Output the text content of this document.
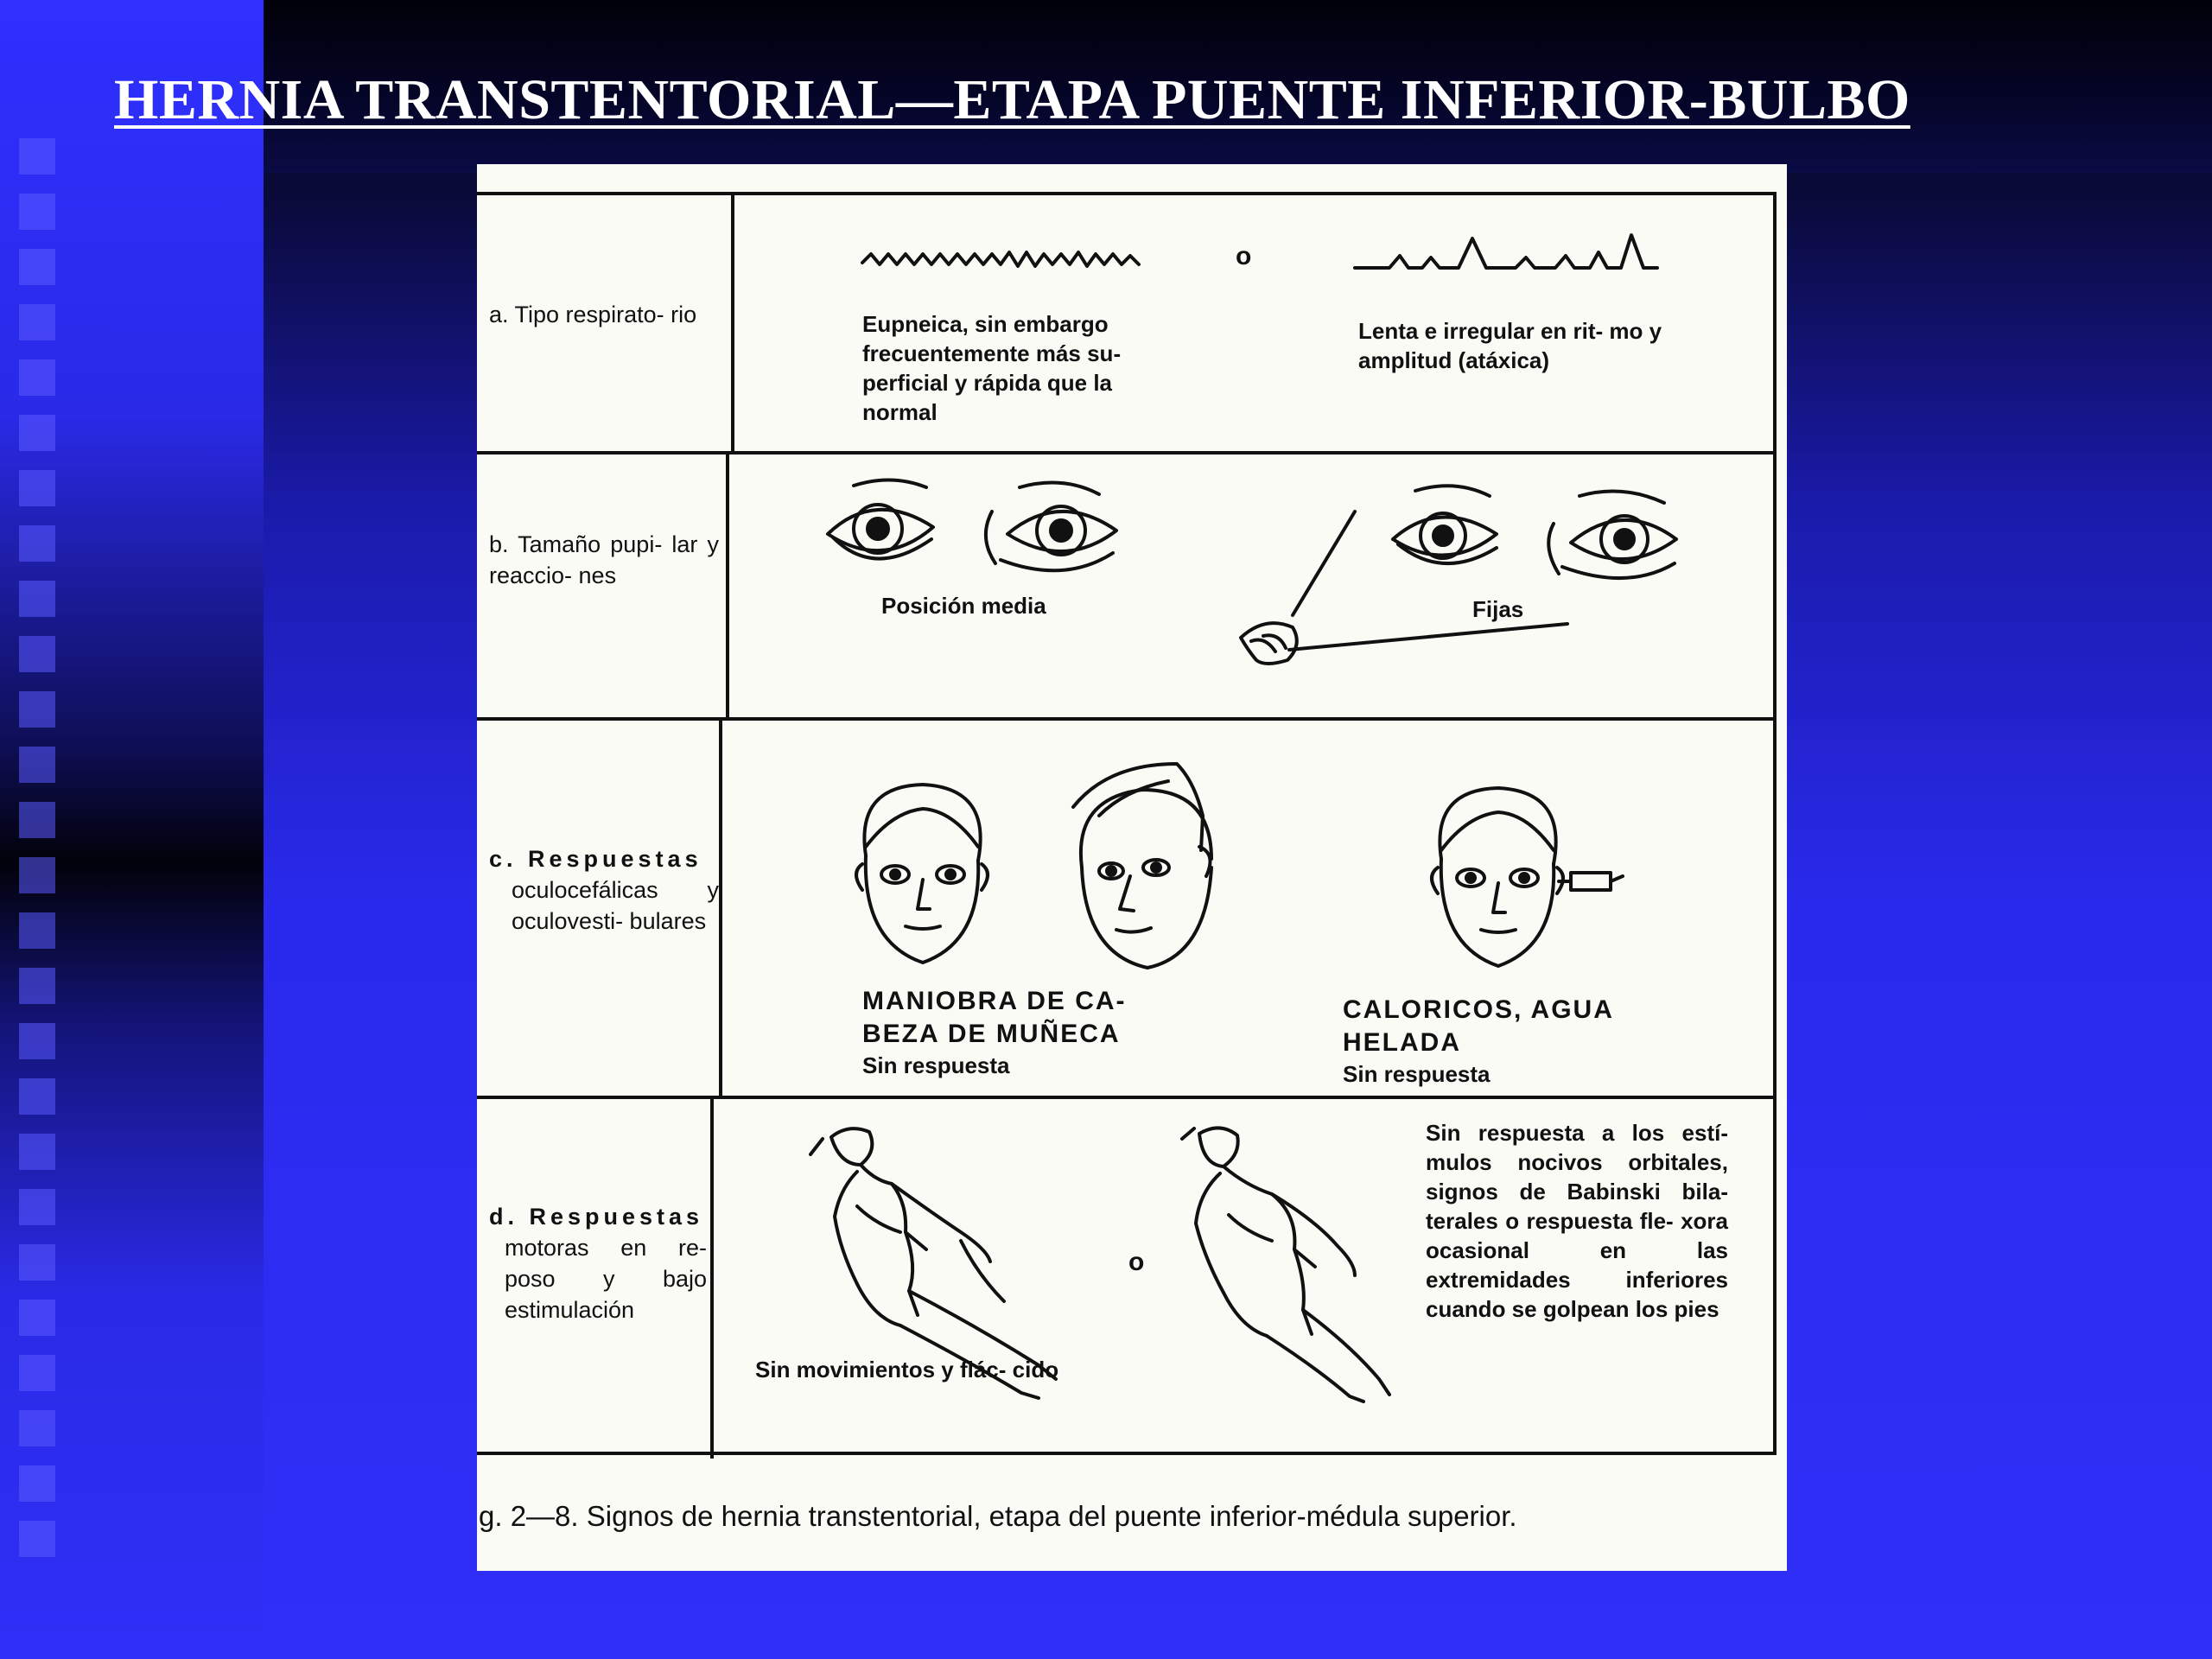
HERNIA TRANSTENTORIAL—ETAPA PUENTE INFERIOR-BULBO
a. Tipo respirato- rio
o
Eupneica, sin embargo frecuentemente más su- perficial y rápida que la normal
Lenta e irregular en rit- mo y amplitud (atáxica)
b. Tamaño pupi- lar y reaccio- nes
Posición media	Fijas
c. Respuestas
oculocefálicas y oculovesti- bulares
MANIOBRA DE CA- BEZA DE MUÑECA
Sin respuesta
CALORICOS, AGUA HELADA
Sin respuesta
d. Respuestas
motoras en re- poso y bajo estimulación
o
Sin movimientos y flác- cido
Sin respuesta a los estí- mulos nocivos orbitales, signos de Babinski bila- terales o respuesta fle- xora ocasional en las extremidades inferiores cuando se golpean los pies
g. 2—8. Signos de hernia transtentorial, etapa del puente inferior-médula superior.
